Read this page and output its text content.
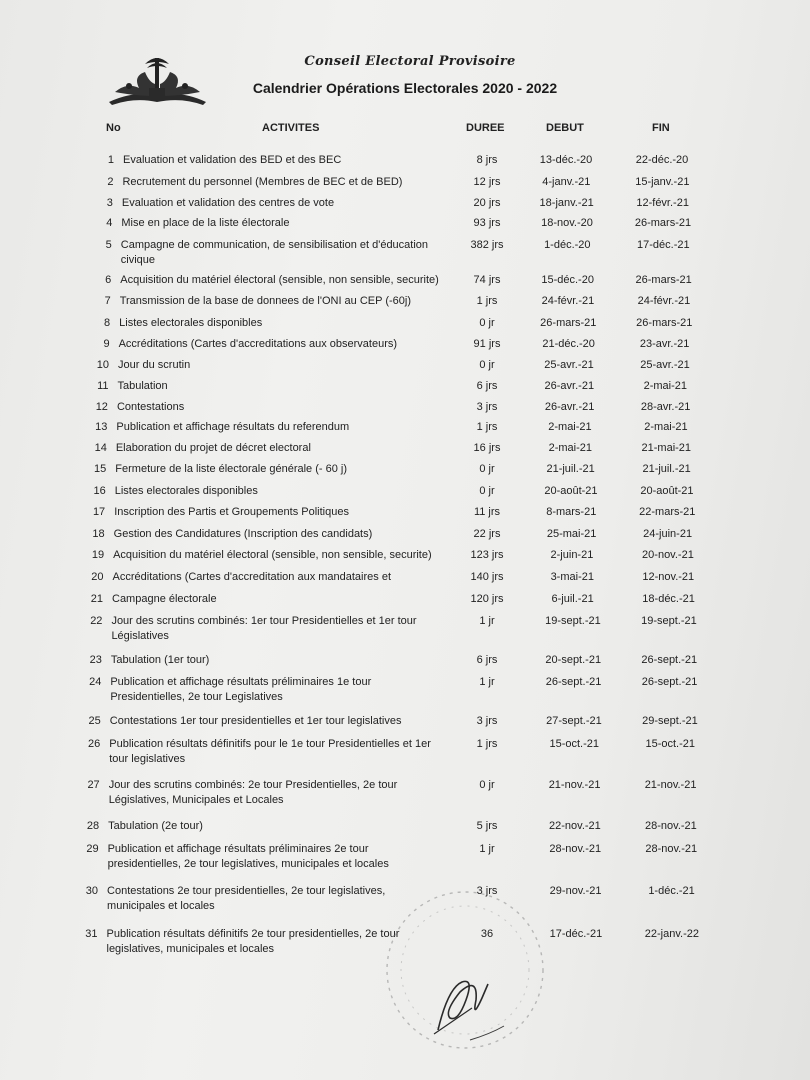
Conseil Electoral Provisoire
Calendrier Opérations Electorales 2020 - 2022
No	ACTIVITES	DUREE	DEBUT	FIN
1 Evaluation et validation des BED et des BEC	8 jrs	13-déc.-20	22-déc.-20
2 Recrutement du personnel (Membres de BEC et de BED)	12 jrs	4-janv.-21	15-janv.-21
3 Evaluation et validation des centres de vote	20 jrs	18-janv.-21	12-févr.-21
4 Mise en place de la liste électorale	93 jrs	18-nov.-20	26-mars-21
5 Campagne de communication, de sensibilisation et d'éducation civique
382 jrs	1-déc.-20	17-déc.-21
6 Acquisition du matériel électoral (sensible, non sensible, securite)	74 jrs	15-déc.-20	26-mars-21
7 Transmission de la base de donnees de l'ONI au CEP (-60j)	1 jrs	24-févr.-21	24-févr.-21
8 Listes electorales disponibles	0 jr	26-mars-21	26-mars-21
9 Accréditations (Cartes d'accreditations aux observateurs)	91 jrs	21-déc.-20	23-avr.-21
10 Jour du scrutin	0 jr	25-avr.-21	25-avr.-21
11 Tabulation	6 jrs	26-avr.-21	2-mai-21
12 Contestations	3 jrs	26-avr.-21	28-avr.-21
13 Publication et affichage résultats du referendum	1 jrs	2-mai-21	2-mai-21
14 Elaboration du projet de décret electoral	16 jrs	2-mai-21	21-mai-21
15 Fermeture de la liste électorale générale (- 60 j)	0 jr	21-juil.-21	21-juil.-21
16 Listes electorales disponibles	0 jr	20-août-21	20-août-21
17 Inscription des Partis et Groupements Politiques	11 jrs	8-mars-21	22-mars-21
18 Gestion des Candidatures (Inscription des candidats)	22 jrs	25-mai-21	24-juin-21
19 Acquisition du matériel électoral (sensible, non sensible, securite)	123 jrs	2-juin-21	20-nov.-21
20 Accréditations (Cartes d'accreditation aux mandataires et	140 jrs	3-mai-21	12-nov.-21
21 Campagne électorale	120 jrs	6-juil.-21	18-déc.-21
22 Jour des scrutins combinés: 1er tour Presidentielles et 1er tour Législatives
1 jr	19-sept.-21	19-sept.-21
23 Tabulation (1er tour)	6 jrs	20-sept.-21	26-sept.-21
24 Publication et affichage résultats préliminaires 1e tour Presidentielles, 2e tour Legislatives
1 jr	26-sept.-21	26-sept.-21
25 Contestations 1er tour presidentielles et 1er tour legislatives	3 jrs	27-sept.-21	29-sept.-21
26 Publication résultats définitifs pour le 1e tour Presidentielles et 1er tour legislatives
1 jrs	15-oct.-21	15-oct.-21
27 Jour des scrutins combinés: 2e tour Presidentielles, 2e tour Législatives, Municipales et Locales
0 jr	21-nov.-21	21-nov.-21
28 Tabulation (2e tour)	5 jrs	22-nov.-21	28-nov.-21
29 Publication et affichage résultats préliminaires 2e tour presidentielles, 2e tour legislatives, municipales et locales
1 jr	28-nov.-21	28-nov.-21
30 Contestations 2e tour presidentielles, 2e tour legislatives, municipales et locales
3 jrs	29-nov.-21	1-déc.-21
31 Publication résultats définitifs 2e tour presidentielles, 2e tour legislatives, municipales et locales
36	17-déc.-21	22-janv.-22
